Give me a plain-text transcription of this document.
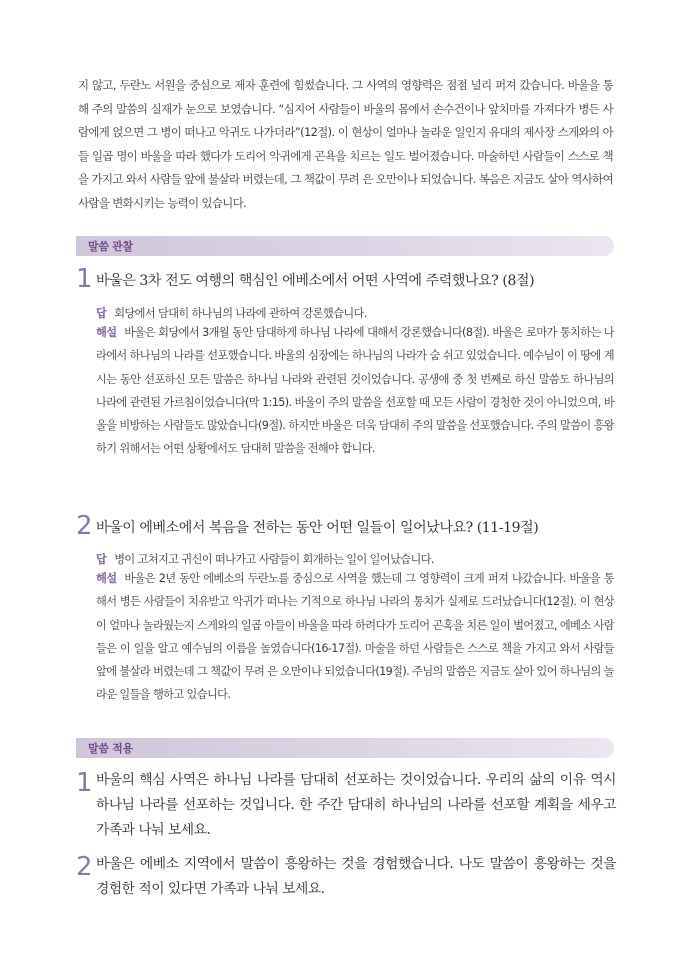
지 않고, 두란노 서원을 중심으로 제자 훈련에 힘썼습니다. 그 사역의 영향력은 점점 널리 퍼져 갔습니다. 바울을 통해 주의 말씀의 실재가 눈으로 보였습니다. “심지어 사람들이 바울의 몸에서 손수건이나 앞치마를 가져다가 병든 사람에게 얹으면 그 병이 떠나고 악귀도 나가더라”(12절). 이 현상이 얼마나 놀라운 일인지 유대의 제사장 스게와의 아들 일곱 명이 바울을 따라 했다가 도리어 악귀에게 곤욕을 치르는 일도 벌어졌습니다. 마술하던 사람들이 스스로 책을 가지고 와서 사람들 앞에 불살라 버렸는데, 그 책값이 무려 은 오만이나 되었습니다. 복음은 지금도 살아 역사하여 사람을 변화시키는 능력이 있습니다.

말씀 관찰
1 바울은 3차 전도 여행의 핵심인 에베소에서 어떤 사역에 주력했나요? (8절)
답 회당에서 담대히 하나님의 나라에 관하여 강론했습니다.
해설 바울은 회당에서 3개월 동안 담대하게 하나님 나라에 대해서 강론했습니다(8절). 바울은 로마가 통치하는 나라에서 하나님의 나라를 선포했습니다. 바울의 심장에는 하나님의 나라가 숨 쉬고 있었습니다. 예수님이 이 땅에 계시는 동안 선포하신 모든 말씀은 하나님 나라와 관련된 것이었습니다. 공생애 중 첫 번째로 하신 말씀도 하나님의 나라에 관련된 가르침이었습니다(막 1:15). 바울이 주의 말씀을 선포할 때 모든 사람이 경청한 것이 아니었으며, 바울을 비방하는 사람들도 많았습니다(9절). 하지만 바울은 더욱 담대히 주의 말씀을 선포했습니다. 주의 말씀이 흥왕하기 위해서는 어떤 상황에서도 담대히 말씀을 전해야 합니다.
2 바울이 에베소에서 복음을 전하는 동안 어떤 일들이 일어났나요? (11-19절)
답 병이 고쳐지고 귀신이 떠나가고 사람들이 회개하는 일이 일어났습니다.
해설 바울은 2년 동안 에베소의 두란노를 중심으로 사역을 했는데 그 영향력이 크게 퍼져 나갔습니다. 바울을 통해서 병든 사람들이 치유받고 악귀가 떠나는 기적으로 하나님 나라의 통치가 실제로 드러났습니다(12절). 이 현상이 얼마나 놀라웠는지 스게와의 일곱 아들이 바울을 따라 하려다가 도리어 곤혹을 치른 일이 벌어졌고, 에베소 사람들은 이 일을 알고 예수님의 이름을 높였습니다(16-17절). 마술을 하던 사람들은 스스로 책을 가지고 와서 사람들 앞에 불살라 버렸는데 그 책값이 무려 은 오만이나 되었습니다(19절). 주님의 말씀은 지금도 살아 있어 하나님의 놀라운 일들을 행하고 있습니다.
말씀 적용
1 바울의 핵심 사역은 하나님 나라를 담대히 선포하는 것이었습니다. 우리의 삶의 이유 역시 하나님 나라를 선포하는 것입니다. 한 주간 담대히 하나님의 나라를 선포할 계획을 세우고 가족과 나눠 보세요.
2 바울은 에베소 지역에서 말씀이 흥왕하는 것을 경험했습니다. 나도 말씀이 흥왕하는 것을 경험한 적이 있다면 가족과 나눠 보세요.
